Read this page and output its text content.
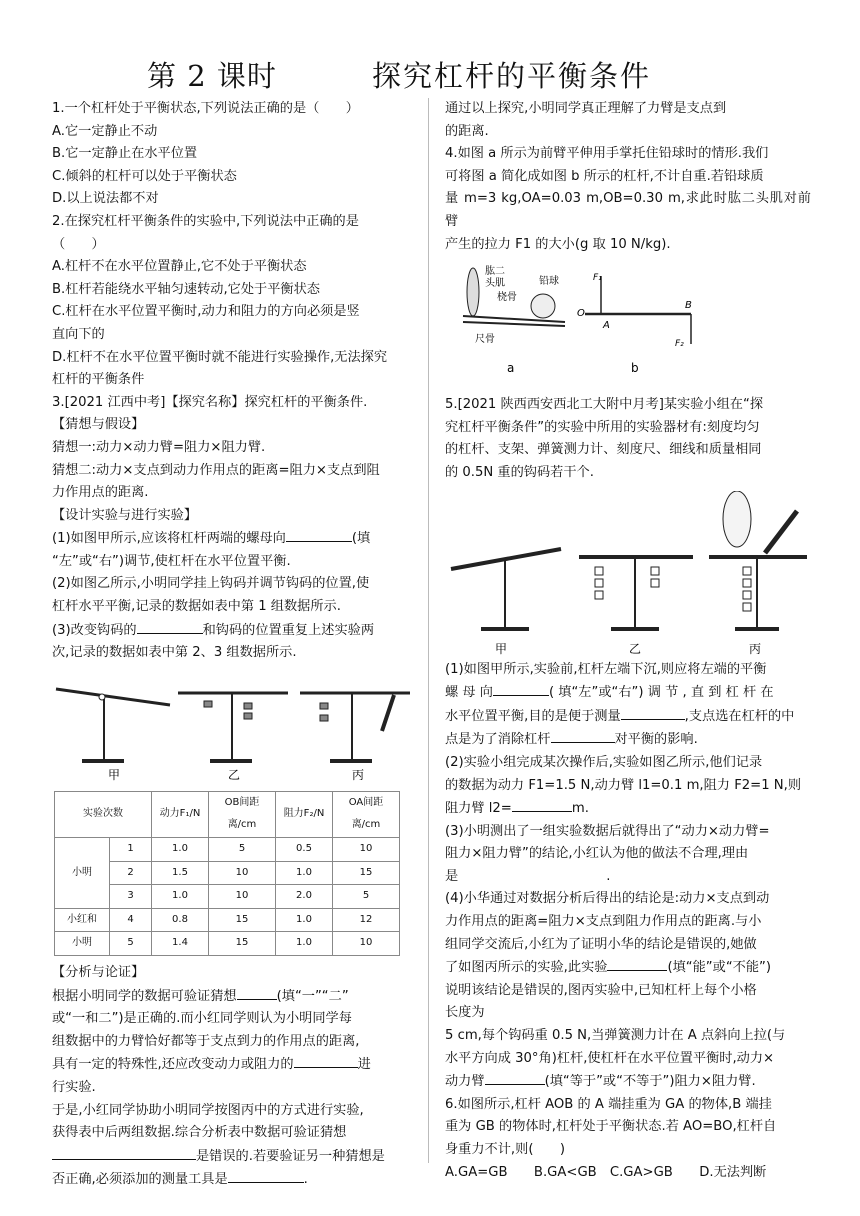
第 2 课时	探究杠杆的平衡条件

1.一个杠杆处于平衡状态,下列说法正确的是（　　）

A.它一定静止不动

B.它一定静止在水平位置

C.倾斜的杠杆可以处于平衡状态

D.以上说法都不对

2.在探究杠杆平衡条件的实验中,下列说法中正确的是

（　　）

A.杠杆不在水平位置静止,它不处于平衡状态

B.杠杆若能绕水平轴匀速转动,它处于平衡状态

C.杠杆在水平位置平衡时,动力和阻力的方向必须是竖

直向下的

D.杠杆不在水平位置平衡时就不能进行实验操作,无法探究

杠杆的平衡条件

3.[2021 江西中考]【探究名称】探究杠杆的平衡条件.

【猜想与假设】

猜想一:动力×动力臂=阻力×阻力臂.

猜想二:动力×支点到动力作用点的距离=阻力×支点到阻

力作用点的距离.

【设计实验与进行实验】

(1)如图甲所示,应该将杠杆两端的螺母向	(填

“左”或“右”)调节,使杠杆在水平位置平衡.

(2)如图乙所示,小明同学挂上钩码并调节钩码的位置,使

杠杆水平平衡,记录的数据如表中第 1 组数据所示.

(3)改变钩码的	和钩码的位置重复上述实验两

次,记录的数据如表中第 2、3 组数据所示.

甲	乙	丙
实验次数		动力F₁/N	OB间距离/cm	阻力F₂/N	OA间距离/cm
小明	1	1.0	5	0.5	10
	2	1.5	10	1.0	15
	3	1.0	10	2.0	5
小红和	4	0.8	15	1.0	12
小明	5	1.4	15	1.0	10

【分析与论证】

根据小明同学的数据可验证猜想	(填“一”“二”

或“一和二”)是正确的.而小红同学则认为小明同学每

组数据中的力臂恰好都等于支点到力的作用点的距离,

具有一定的特殊性,还应改变动力或阻力的	进

行实验.

于是,小红同学协助小明同学按图丙中的方式进行实验,

获得表中后两组数据.综合分析表中数据可验证猜想

是错误的.若要验证另一种猜想是

否正确,必须添加的测量工具是	.

通过以上探究,小明同学真正理解了力臂是支点到

的距离.

4.如图 a 所示为前臂平伸用手掌托住铅球时的情形.我们

可将图 a 简化成如图 b 所示的杠杆,不计自重.若铅球质

量 m=3 kg,OA=0.03 m,OB=0.30 m,求此时肱二头肌对前臂

产生的拉力 F1 的大小(g 取 10 N/kg).

肱二
头肌
桡骨
铅球
尺骨
O
A
B
F₁
F₂
a	b

5.[2021 陕西西安西北工大附中月考]某实验小组在“探

究杠杆平衡条件”的实验中所用的实验器材有:刻度均匀

的杠杆、支架、弹簧测力计、刻度尺、细线和质量相同

的 0.5N 重的钩码若干个.

甲	乙	丙

(1)如图甲所示,实验前,杠杆左端下沉,则应将左端的平衡

螺 母 向	( 填“左”或“右”) 调 节 , 直 到 杠 杆 在

水平位置平衡,目的是便于测量	,支点选在杠杆的中

点是为了消除杠杆	对平衡的影响.

(2)实验小组完成某次操作后,实验如图乙所示,他们记录

的数据为动力 F1=1.5 N,动力臂 l1=0.1 m,阻力 F2=1 N,则

阻力臂 l2=	m.

(3)小明测出了一组实验数据后就得出了“动力×动力臂=

阻力×阻力臂”的结论,小红认为他的做法不合理,理由

是	.

(4)小华通过对数据分析后得出的结论是:动力×支点到动

力作用点的距离=阻力×支点到阻力作用点的距离.与小

组同学交流后,小红为了证明小华的结论是错误的,她做

了如图丙所示的实验,此实验	(填“能”或“不能”)

说明该结论是错误的,图丙实验中,已知杠杆上每个小格

长度为

5 cm,每个钩码重 0.5 N,当弹簧测力计在 A 点斜向上拉(与

水平方向成 30°角)杠杆,使杠杆在水平位置平衡时,动力×

动力臂	(填“等于”或“不等于”)阻力×阻力臂.

6.如图所示,杠杆 AOB 的 A 端挂重为 GA 的物体,B 端挂

重为 GB 的物体时,杠杆处于平衡状态.若 AO=BO,杠杆自

身重力不计,则(　　)

A.GA=GB　　B.GA<GB　C.GA>GB　　D.无法判断
